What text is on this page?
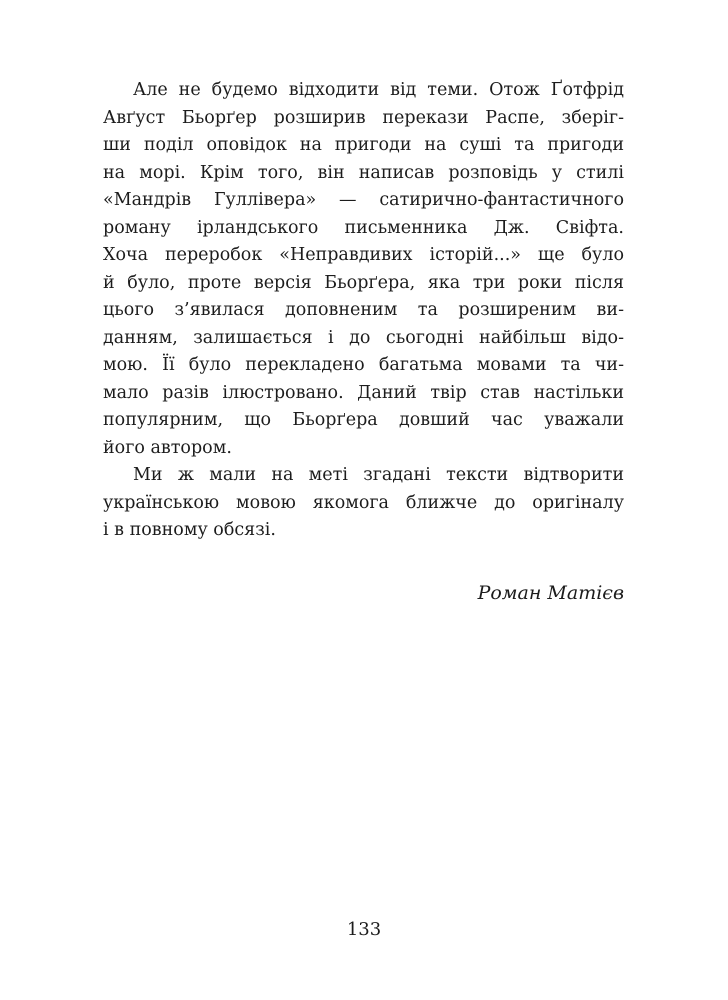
Але не будемо відходити від теми. Отож Ґотфрід
Авґуст Бьорґер розширив перекази Распе, зберіг-
ши поділ оповідок на пригоди на суші та пригоди
на морі. Крім того, він написав розповідь у стилі
«Мандрів Гуллівера» — сатирично-фантастичного
роману ірландського письменника Дж. Свіфта.
Хоча переробок «Неправдивих історій...» ще було
й було, проте версія Бьорґера, яка три роки після
цього з’явилася доповненим та розширеним ви-
данням, залишається і до сьогодні найбільш відо-
мою. Її було перекладено багатьма мовами та чи-
мало разів ілюстровано. Даний твір став настільки
популярним, що Бьорґера довший час уважали
його автором.
Ми ж мали на меті згадані тексти відтворити
українською мовою якомога ближче до оригіналу
і в повному обсязі.
Роман Матієв
133
